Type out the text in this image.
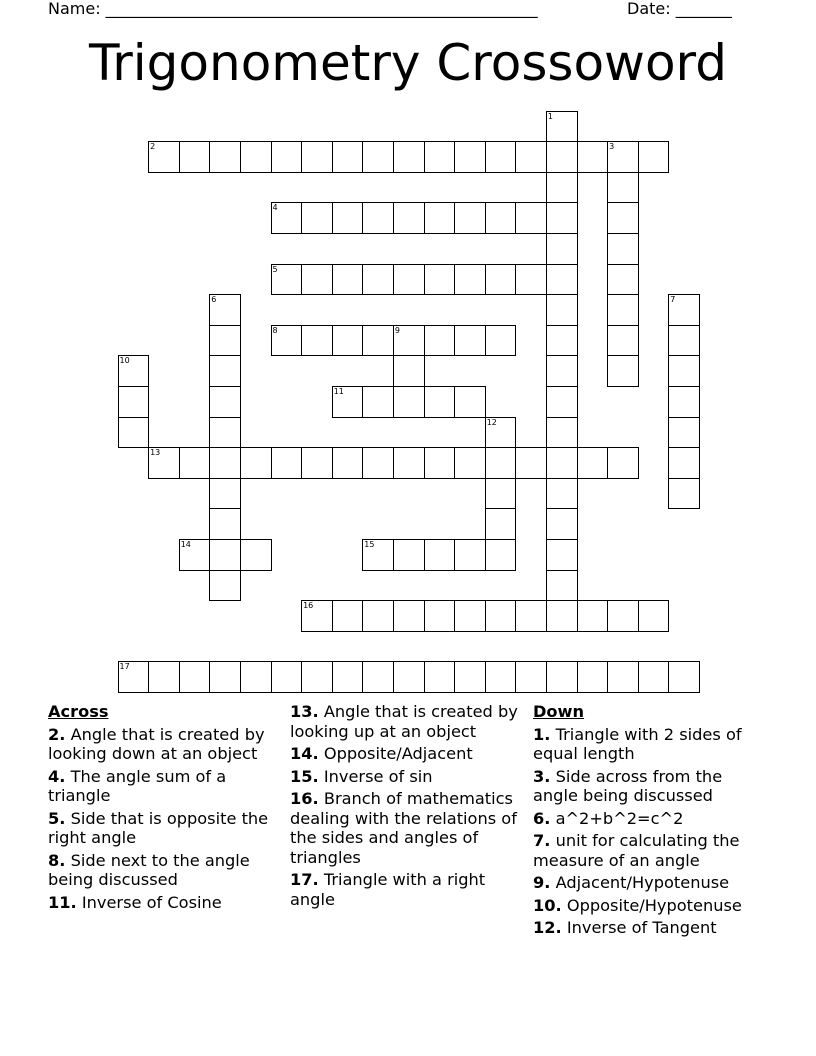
Name: ______________________________________________________	Date: _______
Trigonometry Crossoword
2	3
4
5
8	9
11
13
14	15
16
17
1
6	7
10
12
Across
2. Angle that is created by looking down at an object
4. The angle sum of a triangle
5. Side that is opposite the right angle
8. Side next to the angle being discussed
11. Inverse of Cosine
13. Angle that is created by looking up at an object
14. Opposite/Adjacent
15. Inverse of sin
16. Branch of mathematics dealing with the relations of the sides and angles of triangles
17. Triangle with a right angle
Down
1. Triangle with 2 sides of equal length
3. Side across from the angle being discussed
6. a^2+b^2=c^2
7. unit for calculating the measure of an angle
9. Adjacent/Hypotenuse
10. Opposite/Hypotenuse
12. Inverse of Tangent
